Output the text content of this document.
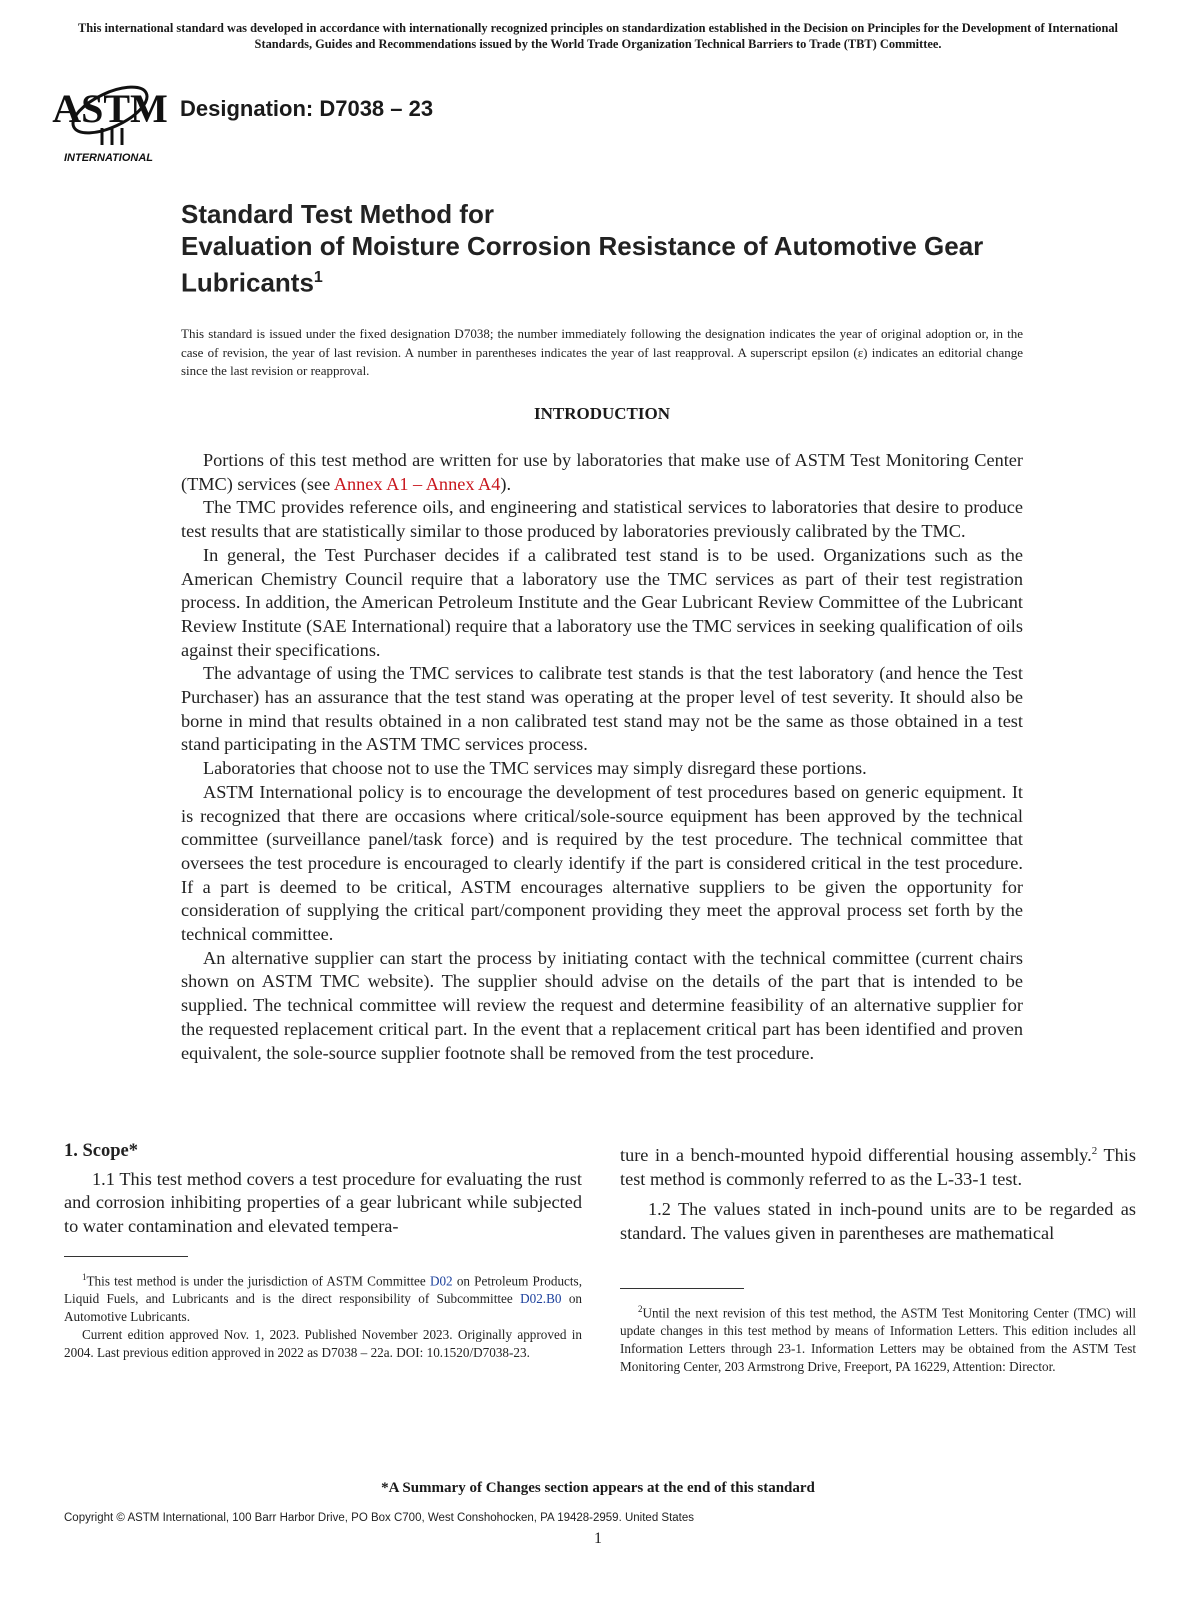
This international standard was developed in accordance with internationally recognized principles on standardization established in the Decision on Principles for the Development of International Standards, Guides and Recommendations issued by the World Trade Organization Technical Barriers to Trade (TBT) Committee.
ASTM
INTERNATIONAL
Designation: D7038 – 23
Standard Test Method for
Evaluation of Moisture Corrosion Resistance of Automotive Gear Lubricants$^1$
This standard is issued under the fixed designation D7038; the number immediately following the designation indicates the year of original adoption or, in the case of revision, the year of last revision. A number in parentheses indicates the year of last reapproval. A superscript epsilon (ε) indicates an editorial change since the last revision or reapproval.
INTRODUCTION

Portions of this test method are written for use by laboratories that make use of ASTM Test Monitoring Center (TMC) services (see Annex A1 – Annex A4).

The TMC provides reference oils, and engineering and statistical services to laboratories that desire to produce test results that are statistically similar to those produced by laboratories previously calibrated by the TMC.

In general, the Test Purchaser decides if a calibrated test stand is to be used. Organizations such as the American Chemistry Council require that a laboratory use the TMC services as part of their test registration process. In addition, the American Petroleum Institute and the Gear Lubricant Review Committee of the Lubricant Review Institute (SAE International) require that a laboratory use the TMC services in seeking qualification of oils against their specifications.

The advantage of using the TMC services to calibrate test stands is that the test laboratory (and hence the Test Purchaser) has an assurance that the test stand was operating at the proper level of test severity. It should also be borne in mind that results obtained in a non calibrated test stand may not be the same as those obtained in a test stand participating in the ASTM TMC services process.

Laboratories that choose not to use the TMC services may simply disregard these portions.

ASTM International policy is to encourage the development of test procedures based on generic equipment. It is recognized that there are occasions where critical/sole-source equipment has been approved by the technical committee (surveillance panel/task force) and is required by the test procedure. The technical committee that oversees the test procedure is encouraged to clearly identify if the part is considered critical in the test procedure. If a part is deemed to be critical, ASTM encourages alternative suppliers to be given the opportunity for consideration of supplying the critical part/component providing they meet the approval process set forth by the technical committee.

An alternative supplier can start the process by initiating contact with the technical committee (current chairs shown on ASTM TMC website). The supplier should advise on the details of the part that is intended to be supplied. The technical committee will review the request and determine feasibility of an alternative supplier for the requested replacement critical part. In the event that a replacement critical part has been identified and proven equivalent, the sole-source supplier footnote shall be removed from the test procedure.

1. Scope*

1.1 This test method covers a test procedure for evaluating the rust and corrosion inhibiting properties of a gear lubricant while subjected to water contamination and elevated tempera-

ture in a bench-mounted hypoid differential housing assembly.$^2$ This test method is commonly referred to as the L-33-1 test.

1.2 The values stated in inch-pound units are to be regarded as standard. The values given in parentheses are mathematical

$^1$This test method is under the jurisdiction of ASTM Committee D02 on Petroleum Products, Liquid Fuels, and Lubricants and is the direct responsibility of Subcommittee D02.B0 on Automotive Lubricants.

Current edition approved Nov. 1, 2023. Published November 2023. Originally approved in 2004. Last previous edition approved in 2022 as D7038 – 22a. DOI: 10.1520/D7038-23.

$^2$Until the next revision of this test method, the ASTM Test Monitoring Center (TMC) will update changes in this test method by means of Information Letters. This edition includes all Information Letters through 23-1. Information Letters may be obtained from the ASTM Test Monitoring Center, 203 Armstrong Drive, Freeport, PA 16229, Attention: Director.

*A Summary of Changes section appears at the end of this standard
Copyright © ASTM International, 100 Barr Harbor Drive, PO Box C700, West Conshohocken, PA 19428-2959. United States
1
